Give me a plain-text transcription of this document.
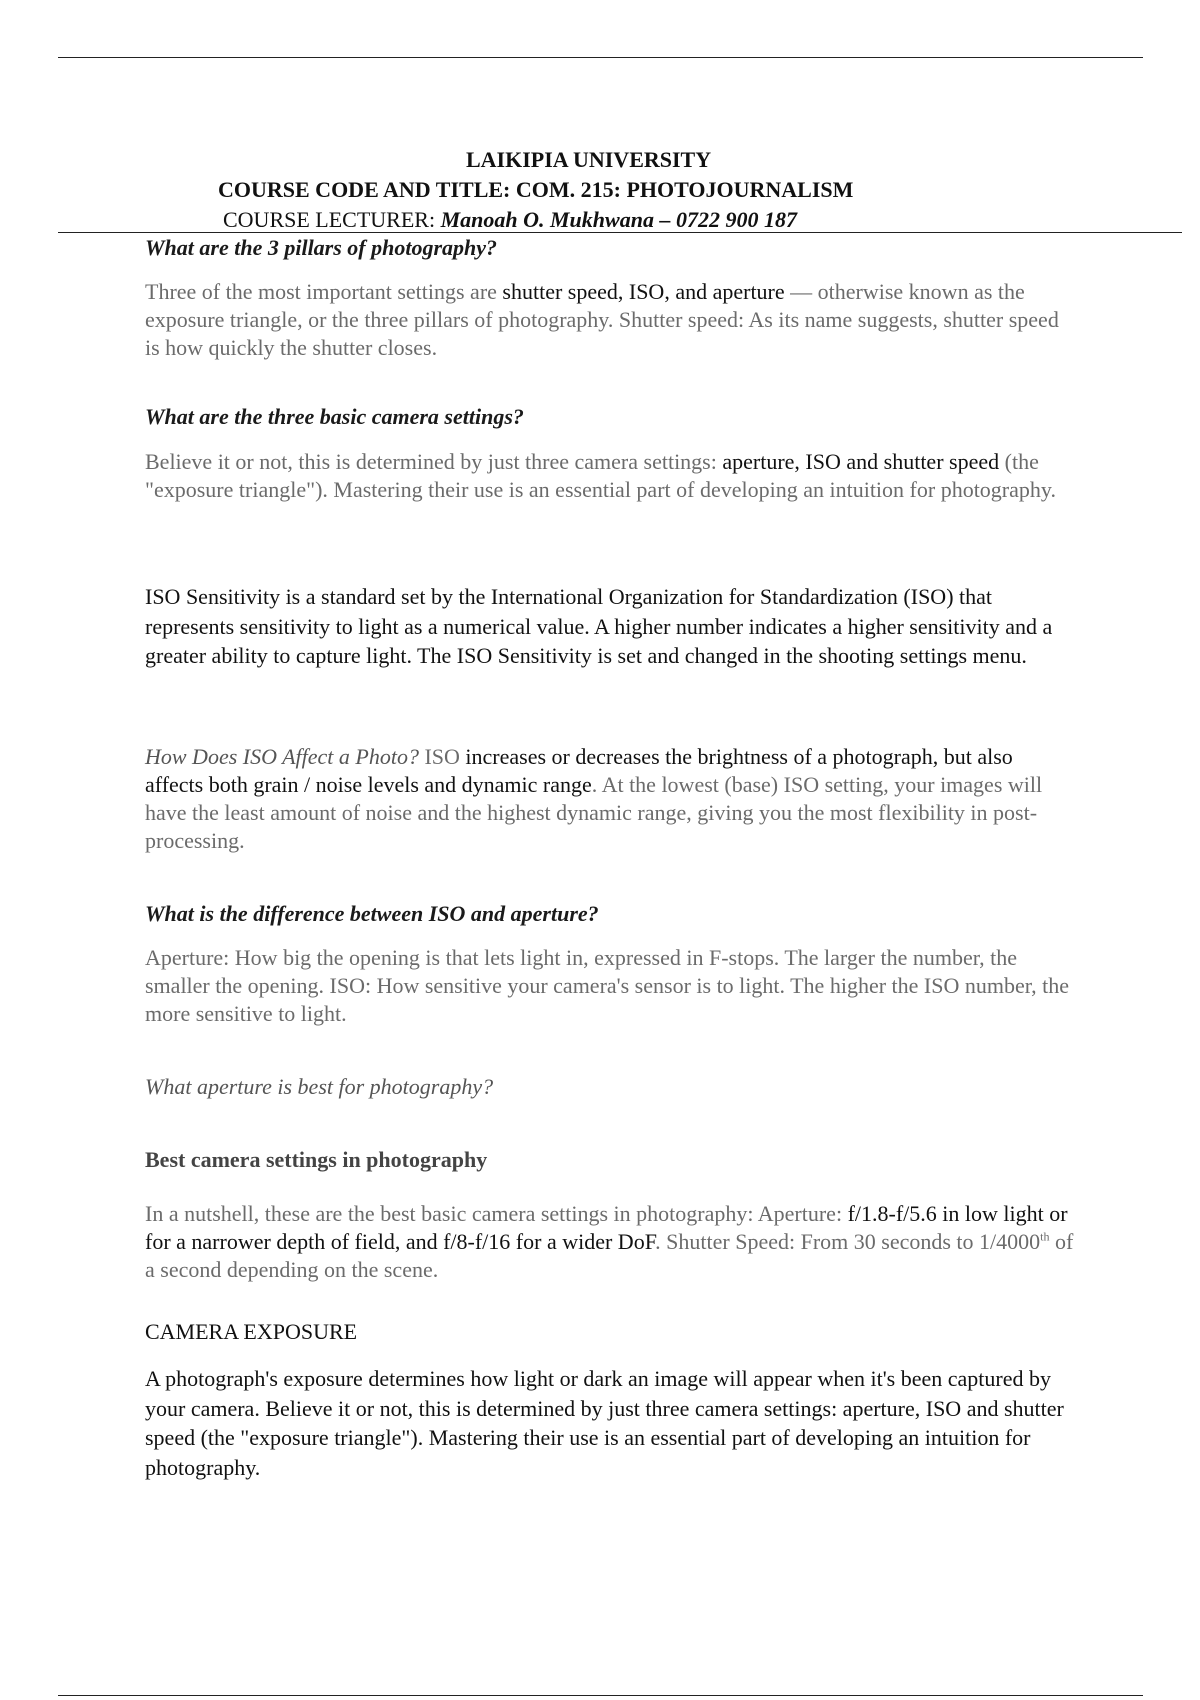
LAIKIPIA UNIVERSITY
COURSE CODE AND TITLE: COM. 215: PHOTOJOURNALISM
COURSE LECTURER: Manoah O. Mukhwana – 0722 900 187
What are the 3 pillars of photography?
Three of the most important settings are shutter speed, ISO, and aperture — otherwise known as the exposure triangle, or the three pillars of photography. Shutter speed: As its name suggests, shutter speed is how quickly the shutter closes.
What are the three basic camera settings?
Believe it or not, this is determined by just three camera settings: aperture, ISO and shutter speed (the "exposure triangle"). Mastering their use is an essential part of developing an intuition for photography.
ISO Sensitivity is a standard set by the International Organization for Standardization (ISO) that represents sensitivity to light as a numerical value. A higher number indicates a higher sensitivity and a greater ability to capture light. The ISO Sensitivity is set and changed in the shooting settings menu.
How Does ISO Affect a Photo? ISO increases or decreases the brightness of a photograph, but also affects both grain / noise levels and dynamic range. At the lowest (base) ISO setting, your images will have the least amount of noise and the highest dynamic range, giving you the most flexibility in post-processing.
What is the difference between ISO and aperture?
Aperture: How big the opening is that lets light in, expressed in F-stops. The larger the number, the smaller the opening. ISO: How sensitive your camera's sensor is to light. The higher the ISO number, the more sensitive to light.
What aperture is best for photography?
Best camera settings in photography
In a nutshell, these are the best basic camera settings in photography: Aperture: f/1.8-f/5.6 in low light or for a narrower depth of field, and f/8-f/16 for a wider DoF. Shutter Speed: From 30 seconds to 1/4000th of a second depending on the scene.
CAMERA EXPOSURE
A photograph's exposure determines how light or dark an image will appear when it's been captured by your camera. Believe it or not, this is determined by just three camera settings: aperture, ISO and shutter speed (the "exposure triangle"). Mastering their use is an essential part of developing an intuition for photography.
